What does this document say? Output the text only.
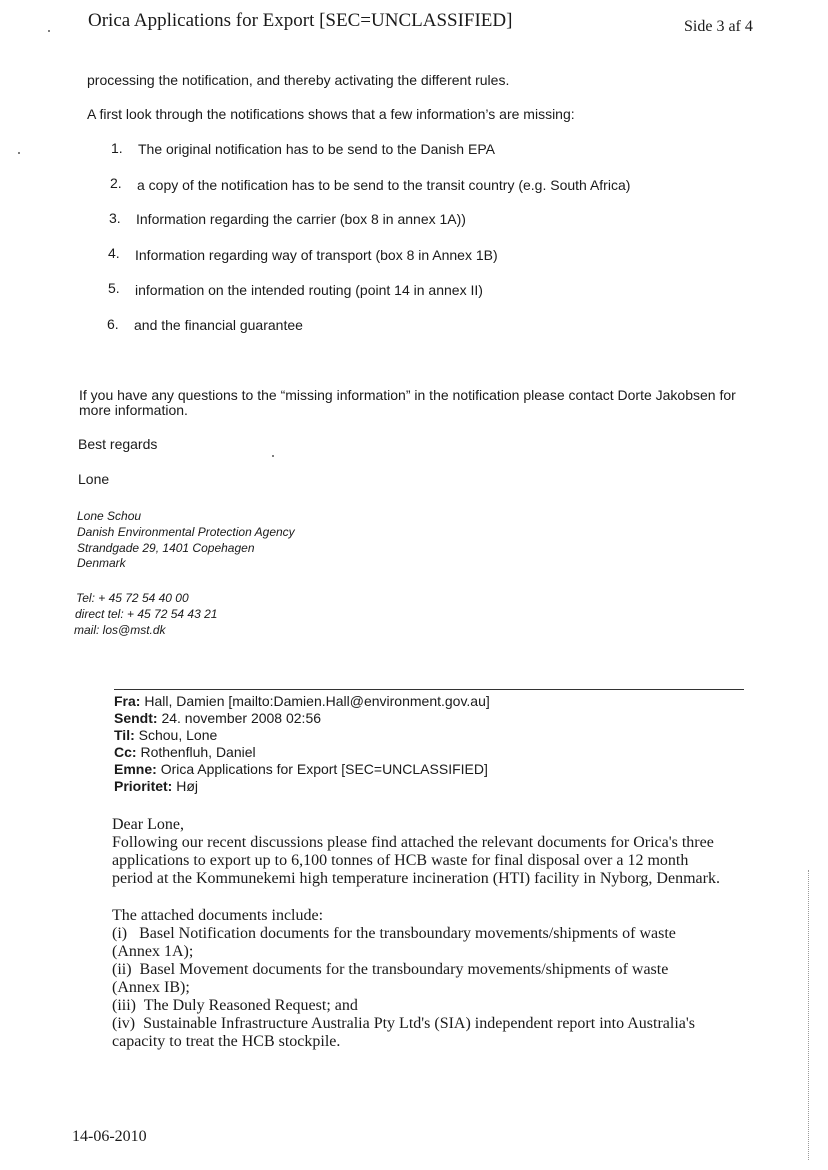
Orica Applications for Export [SEC=UNCLASSIFIED]	Side 3 af 4
processing the notification, and thereby activating the different rules.
A first look through the notifications shows that a few information’s are missing:
1. The original notification has to be send to the Danish EPA
2. a copy of the notification has to be send to the transit country (e.g. South Africa)
3. Information regarding the carrier (box 8 in annex 1A))
4. Information regarding way of transport (box 8 in Annex 1B)
5. information on the intended routing (point 14 in annex II)
6. and the financial guarantee
If you have any questions to the “missing information” in the notification please contact Dorte Jakobsen for
more information.
Best regards
Lone
Lone Schou
Danish Environmental Protection Agency
Strandgade 29, 1401 Copehagen
Denmark
Tel: + 45 72 54 40 00
direct tel: + 45 72 54 43 21
mail: los@mst.dk
Fra: Hall, Damien [mailto:Damien.Hall@environment.gov.au]
Sendt: 24. november 2008 02:56
Til: Schou, Lone
Cc: Rothenfluh, Daniel
Emne: Orica Applications for Export [SEC=UNCLASSIFIED]
Prioritet: Høj
Dear Lone,
Following our recent discussions please find attached the relevant documents for Orica's three
applications to export up to 6,100 tonnes of HCB waste for final disposal over a 12 month
period at the Kommunekemi high temperature incineration (HTI) facility in Nyborg, Denmark.
The attached documents include:
(i)   Basel Notification documents for the transboundary movements/shipments of waste
(Annex 1A);
(ii)  Basel Movement documents for the transboundary movements/shipments of waste
(Annex IB);
(iii)  The Duly Reasoned Request; and
(iv)  Sustainable Infrastructure Australia Pty Ltd's (SIA) independent report into Australia's
capacity to treat the HCB stockpile.
14-06-2010
